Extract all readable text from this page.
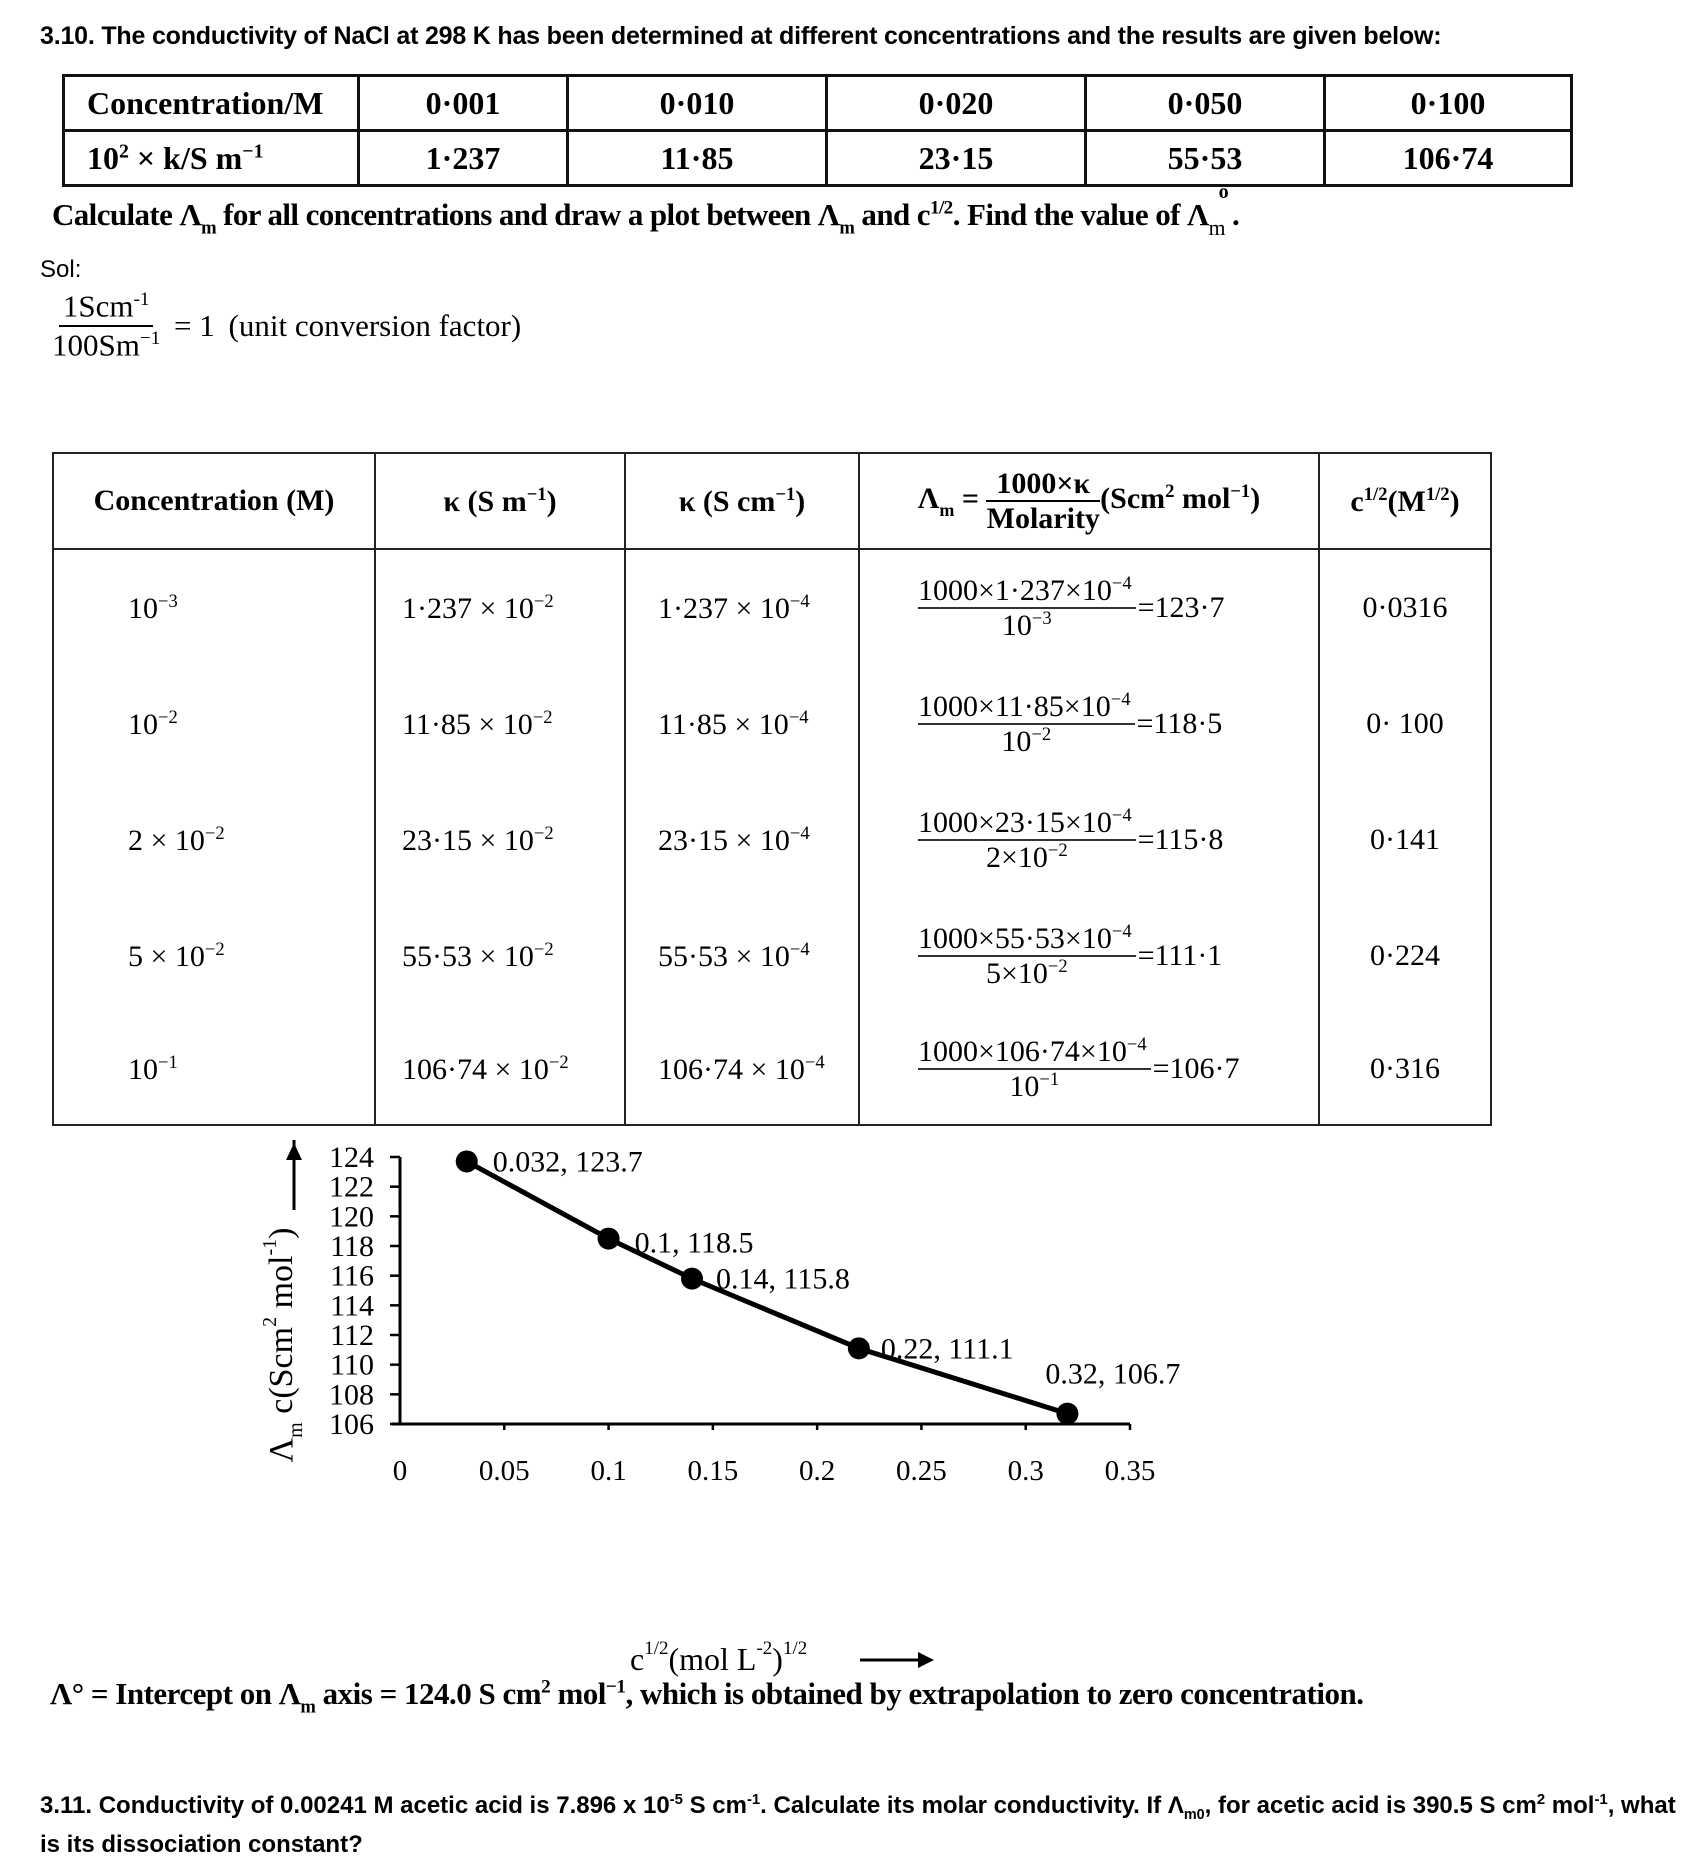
3.10. The conductivity of NaCl at 298 K has been determined at different concentrations and the results are given below:
Concentration/M	0·001	0·010	0·020	0·050	0·100
$10^2 \times k/S$ $m^{-1}$	1·237	11·85	23·15	55·53	106·74
Calculate $\Lambda_m$ for all concentrations and draw a plot between $\Lambda_m$ and $c^{1/2}$. Find the value of Λ
o
$_m$ .
Sol:
$\frac{1Scm^{-1}}{100Sm^{-1}} = 1$ (unit conversion factor)
Concentration (M)	κ (S $m^{-1}$)	κ (S $cm^{-1}$)	$\Lambda_m = \frac{1000\times\kappa}{\text{Molarity}} (Scm^2$ mol$^{-1}$)	$c^{1/2}(M^{1/2})$
$10^{-3}$	$1\cdot 237 \times 10^{-2}$	$1\cdot 237 \times 10^{-4}$	$\frac{1000\times 1\cdot 237\times 10^{-4}}{10^{-3}} =123\cdot 7$	0·0316
$10^{-2}$	$11\cdot 85 \times 10^{-2}$	$11\cdot 85 \times 10^{-4}$	$\frac{1000\times 11\cdot 85\times 10^{-4}}{10^{-2}} =118\cdot 5$	0· 100
$2 \times 10^{-2}$	$23\cdot 15 \times 10^{-2}$	$23\cdot 15 \times 10^{-4}$	$\frac{1000\times 23\cdot 15\times 10^{-4}}{2\times 10^{-2}} =115\cdot 8$	0·141
$5 \times 10^{-2}$	$55\cdot 53 \times 10^{-2}$	$55\cdot 53 \times 10^{-4}$	$\frac{1000\times 55\cdot 53\times 10^{-4}}{5\times 10^{-2}} =111\cdot 1$	0·224
$10^{-1}$	$106\cdot 74 \times 10^{-2}$	$106\cdot 74 \times 10^{-4}$	$\frac{1000\times 106\cdot 74\times 10^{-4}}{10^{-1}} =106\cdot 7$	0·316
124
122
120
118
116
114
112
110
108
106
0 0.05 0.1 0.15 0.2 0.25 0.3 0.35
0.032, 123.7
0.1, 118.5
0.14, 115.8
0.22, 111.1
0.32, 106.7
$\Lambda_m$ c(Scm$^2$ mol$^{-1}$)
$c^{1/2}(mol$ $L^{-2})^{1/2}$
Λ° = Intercept on $\Lambda_m$ axis = 124.0 S $cm^2$ mol$^{-1}$, which is obtained by extrapolation to zero concentration.
3.11. Conductivity of 0.00241 M acetic acid is 7.896 x $10^{-5}$ S $cm^{-1}$. Calculate its molar conductivity. If $\Lambda_{m0}$, for acetic acid is 390.5 S $cm^2$ mol$^{-1}$, what is its dissociation constant?
